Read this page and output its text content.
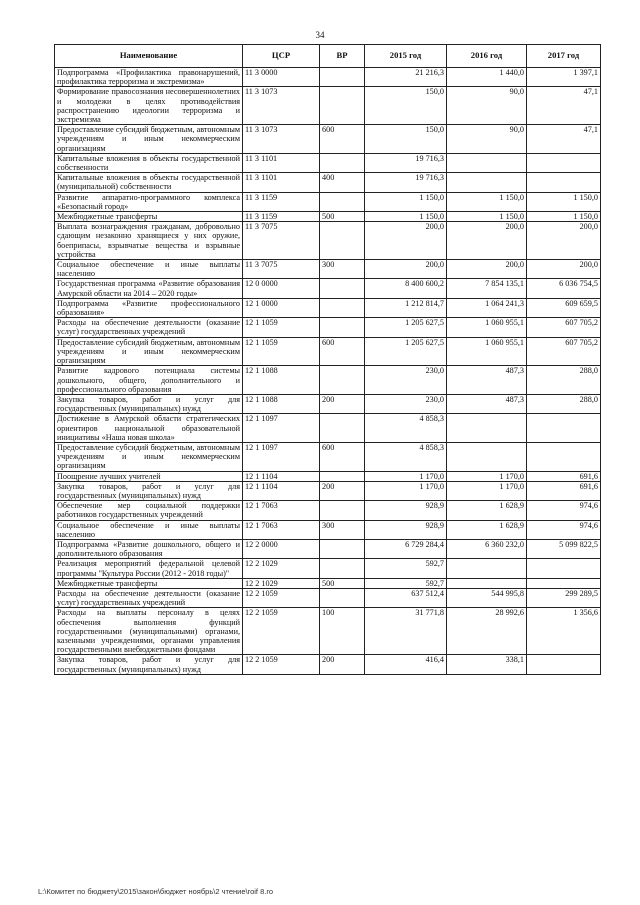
34
Наименование	ЦСР	ВР	2015 год	2016 год	2017 год
Подпрограмма «Профилактика правонарушений, профилактика терроризма и экстремизма»	11 3 0000		21 216,3	1 440,0	1 397,1
Формирование правосознания несовершеннолетних и молодежи в целях противодействия распространению идеологии терроризма и экстремизма	11 3 1073		150,0	90,0	47,1
Предоставление субсидий бюджетным, автономным учреждениям и иным некоммерческим организациям	11 3 1073	600	150,0	90,0	47,1
Капитальные вложения в объекты государственной собственности	11 3 1101		19 716,3		
Капитальные вложения в объекты государственной (муниципальной) собственности	11 3 1101	400	19 716,3		
Развитие аппаратно-программного комплекса «Безопасный город»	11 3 1159		1 150,0	1 150,0	1 150,0
Межбюджетные трансферты	11 3 1159	500	1 150,0	1 150,0	1 150,0
Выплата вознаграждения гражданам, добровольно сдающим незаконно хранящиеся у них оружие, боеприпасы, взрывчатые вещества и взрывные устройства	11 3 7075		200,0	200,0	200,0
Социальное обеспечение и иные выплаты населению	11 3 7075	300	200,0	200,0	200,0
Государственная программа «Развитие образования Амурской области на 2014 – 2020 годы»	12 0 0000		8 400 600,2	7 854 135,1	6 036 754,5
Подпрограмма «Развитие профессионального образования»	12 1 0000		1 212 814,7	1 064 241,3	609 659,5
Расходы на обеспечение деятельности (оказание услуг) государственных учреждений	12 1 1059		1 205 627,5	1 060 955,1	607 705,2
Предоставление субсидий бюджетным, автономным учреждениям и иным некоммерческим организациям	12 1 1059	600	1 205 627,5	1 060 955,1	607 705,2
Развитие кадрового потенциала системы дошкольного, общего, дополнительного и профессионального образования	12 1 1088		230,0	487,3	288,0
Закупка товаров, работ и услуг для государственных (муниципальных) нужд	12 1 1088	200	230,0	487,3	288,0
Достижение в Амурской области стратегических ориентиров национальной образовательной инициативы «Наша новая школа»	12 1 1097		4 858,3		
Предоставление субсидий бюджетным, автономным учреждениям и иным некоммерческим организациям	12 1 1097	600	4 858,3		
Поощрение лучших учителей	12 1 1104		1 170,0	1 170,0	691,6
Закупка товаров, работ и услуг для государственных (муниципальных) нужд	12 1 1104	200	1 170,0	1 170,0	691,6
Обеспечение мер социальной поддержки работников государственных учреждений	12 1 7063		928,9	1 628,9	974,6
Социальное обеспечение и иные выплаты населению	12 1 7063	300	928,9	1 628,9	974,6
Подпрограмма «Развитие дошкольного, общего и дополнительного образования	12 2 0000		6 729 284,4	6 360 232,0	5 099 822,5
Реализация мероприятий федеральной целевой программы "Культура России (2012 - 2018 годы)"	12 2 1029		592,7		
Межбюджетные трансферты	12 2 1029	500	592,7		
Расходы на обеспечение деятельности (оказание услуг) государственных учреждений	12 2 1059		637 512,4	544 995,8	299 289,5
Расходы на выплаты персоналу в целях обеспечения выполнения функций государственными (муниципальными) органами, казенными учреждениями, органами управления государственными внебюджетными фондами	12 2 1059	100	31 771,8	28 992,6	1 356,6
Закупка товаров, работ и услуг для государственных (муниципальных) нужд	12 2 1059	200	416,4	338,1	
L:\Комитет по бюджету\2015\закон\бюджет ноябрь\2 чтение\roif 8.ro
